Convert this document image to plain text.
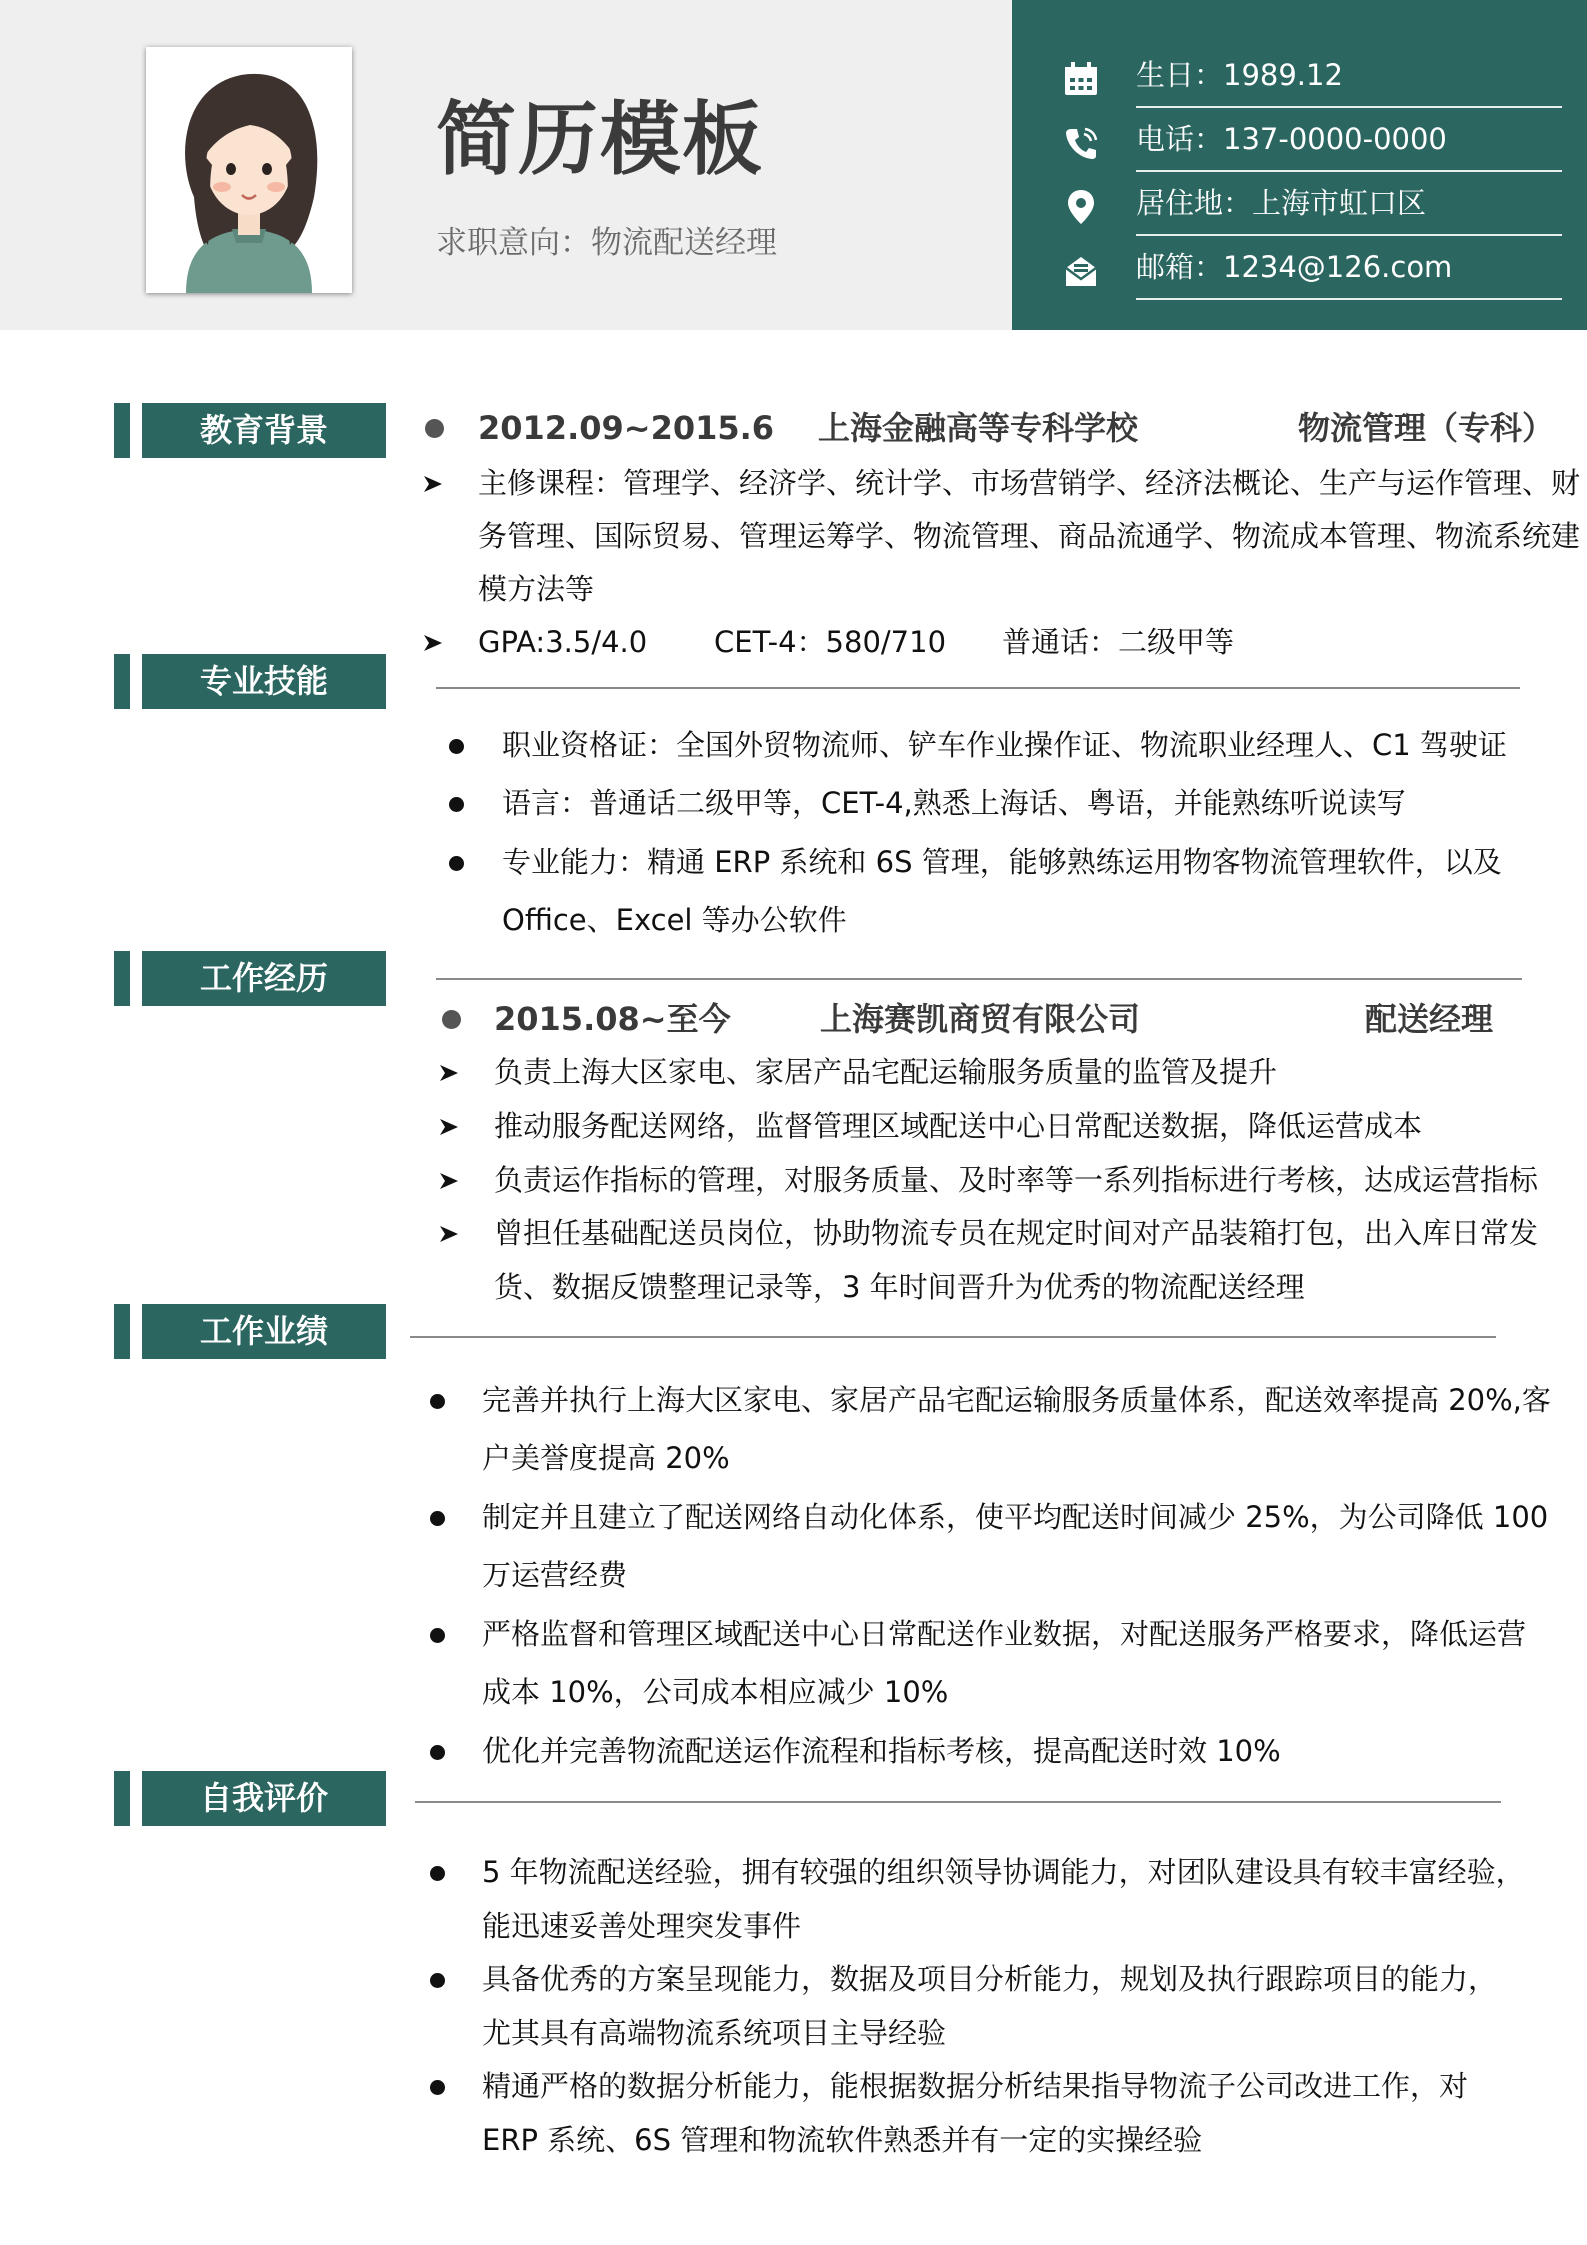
简历模板
求职意向：物流配送经理
生日：1989.12
电话：137-0000-0000
居住地：上海市虹口区
邮箱：1234@126.com
教育背景
专业技能
工作经历
工作业绩
自我评价
2012.09~2015.6 上海金融高等专科学校	物流管理（专科）
主修课程：管理学、经济学、统计学、市场营销学、经济法概论、生产与运作管理、财
务管理、国际贸易、管理运筹学、物流管理、商品流通学、物流成本管理、物流系统建
模方法等
GPA:3.5/4.0 CET-4：580/710 普通话：二级甲等
职业资格证：全国外贸物流师、铲车作业操作证、物流职业经理人、C1 驾驶证
语言：普通话二级甲等，CET-4,熟悉上海话、粤语，并能熟练听说读写
专业能力：精通 ERP 系统和 6S 管理，能够熟练运用物客物流管理软件，以及
Office、Excel 等办公软件
2015.08~至今	上海赛凯商贸有限公司	配送经理
负责上海大区家电、家居产品宅配运输服务质量的监管及提升
推动服务配送网络，监督管理区域配送中心日常配送数据，降低运营成本
负责运作指标的管理，对服务质量、及时率等一系列指标进行考核，达成运营指标
曾担任基础配送员岗位，协助物流专员在规定时间对产品装箱打包，出入库日常发
货、数据反馈整理记录等，3 年时间晋升为优秀的物流配送经理
完善并执行上海大区家电、家居产品宅配运输服务质量体系，配送效率提高 20%,客
户美誉度提高 20%
制定并且建立了配送网络自动化体系，使平均配送时间减少 25%，为公司降低 100
万运营经费
严格监督和管理区域配送中心日常配送作业数据，对配送服务严格要求，降低运营
成本 10%，公司成本相应减少 10%
优化并完善物流配送运作流程和指标考核，提高配送时效 10%
5 年物流配送经验，拥有较强的组织领导协调能力，对团队建设具有较丰富经验，
能迅速妥善处理突发事件
具备优秀的方案呈现能力，数据及项目分析能力，规划及执行跟踪项目的能力，
尤其具有高端物流系统项目主导经验
精通严格的数据分析能力，能根据数据分析结果指导物流子公司改进工作，对
ERP 系统、6S 管理和物流软件熟悉并有一定的实操经验
